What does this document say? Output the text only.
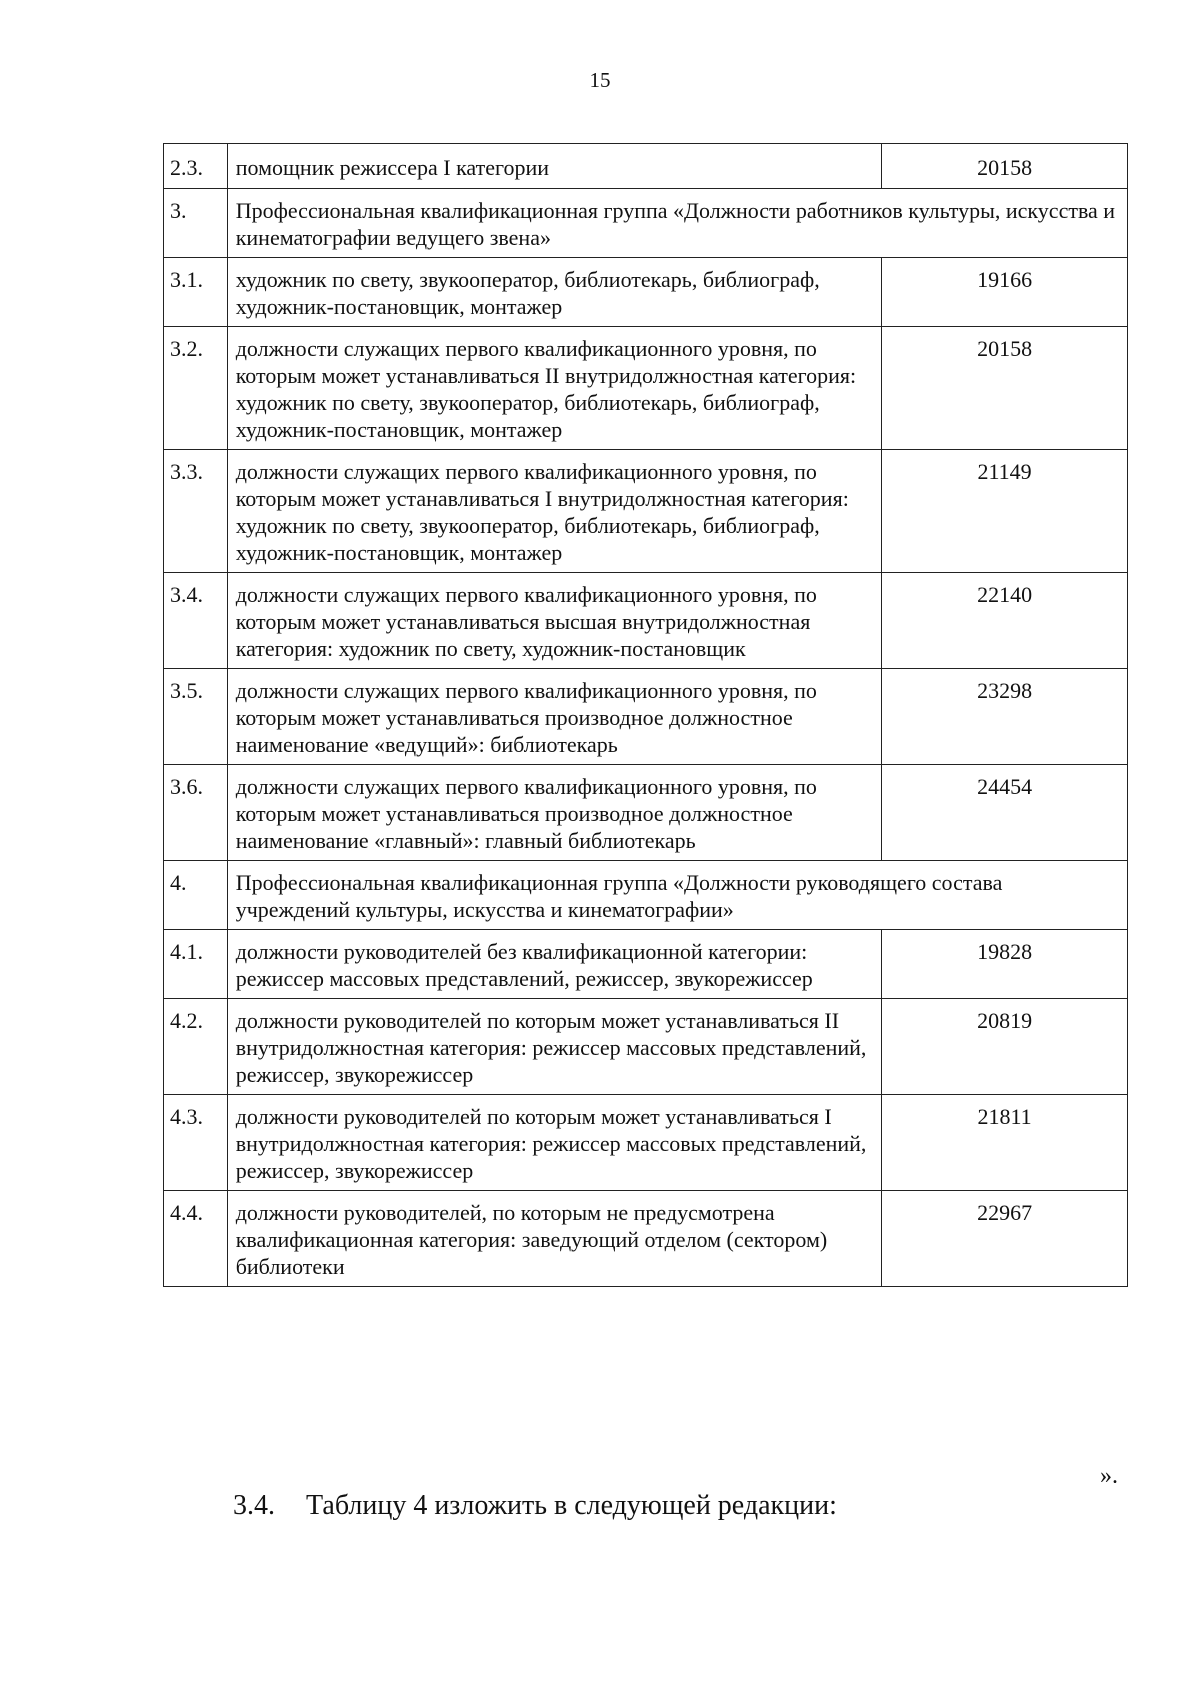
15
2.3.	помощник режиссера I категории	20158
3.	Профессиональная квалификационная группа «Должности работников культуры, искусства и кинематографии ведущего звена»	
3.1.	художник по свету, звукооператор, библиотекарь, библиограф, художник-постановщик, монтажер	19166
3.2.	должности служащих первого квалификационного уровня, по которым может устанавливаться II внутридолжностная категория: художник по свету, звукооператор, библиотекарь, библиограф, художник-постановщик, монтажер	20158
3.3.	должности служащих первого квалификационного уровня, по которым может устанавливаться I внутридолжностная категория: художник по свету, звукооператор, библиотекарь, библиограф, художник-постановщик, монтажер	21149
3.4.	должности служащих первого квалификационного уровня, по которым может устанавливаться высшая внутридолжностная категория: художник по свету, художник-постановщик	22140
3.5.	должности служащих первого квалификационного уровня, по которым может устанавливаться производное должностное наименование «ведущий»: библиотекарь	23298
3.6.	должности служащих первого квалификационного уровня, по которым может устанавливаться производное должностное наименование «главный»: главный библиотекарь	24454
4.	Профессиональная квалификационная группа «Должности руководящего состава учреждений культуры, искусства и кинематографии»	
4.1.	должности руководителей без квалификационной категории: режиссер массовых представлений, режиссер, звукорежиссер	19828
4.2.	должности руководителей по которым может устанавливаться II внутридолжностная категория: режиссер массовых представлений, режиссер, звукорежиссер	20819
4.3.	должности руководителей по которым может устанавливаться I внутридолжностная категория: режиссер массовых представлений, режиссер, звукорежиссер	21811
4.4.	должности руководителей, по которым не предусмотрена квалификационная категория: заведующий отделом (сектором) библиотеки	22967
».
3.4. Таблицу 4 изложить в следующей редакции:
